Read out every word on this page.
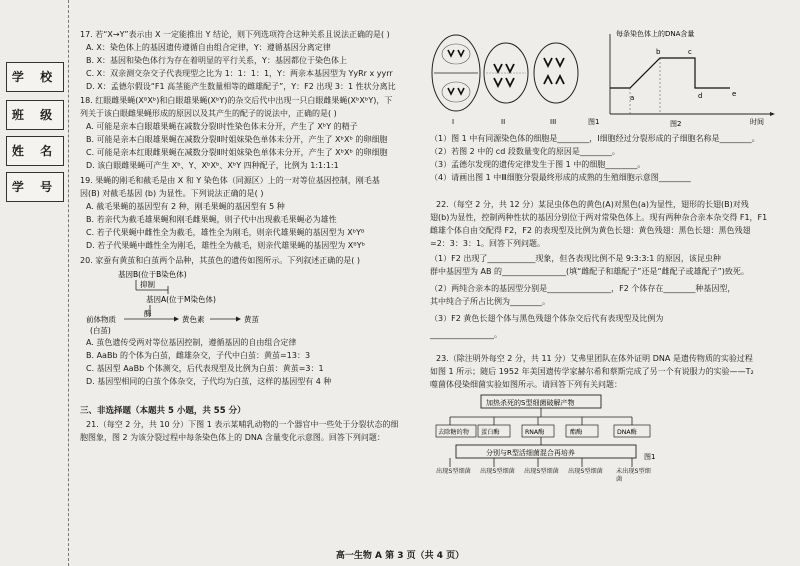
学 校
班 级
姓 名
学 号
17. 若“X→Y”表示由 X 一定能推出 Y 结论，则下列选项符合这种关系且说法正确的是( )
A. X：染色体上的基因遗传遵循自由组合定律，Y：遵循基因分离定律
B. X：基因和染色体行为存在着明显的平行关系，Y：基因都位于染色体上
C. X：双亲测交杂交子代表现型之比为 1：1：1：1，Y：两亲本基因型为 YyRr x yyrr
D. X：孟德尔假设“F1 高茎能产生数量相等的雌雄配子”，Y：F2 出现 3：1 性状分离比
18. 红眼雌果蝇(XᴮXᵇ)和白眼雄果蝇(XᵇY)的杂交后代中出现一只白眼雌果蝇(XᵇXᵇY)，下
列关于该白眼雌果蝇形成的原因以及其产生的配子的说法中，正确的是( )
A. 可能是亲本白眼雄果蝇在减数分裂Ⅰ时性染色体未分开，产生了 XᵇY 的精子
B. 可能是亲本白眼雄果蝇在减数分裂Ⅱ时姐妹染色单体未分开，产生了 XᵇXᵇ 的卵细胞
C. 可能是亲本红眼雌果蝇在减数分裂Ⅱ时姐妹染色单体未分开，产生了 XᵇXᵇ 的卵细胞
D. 该白眼雌果蝇可产生 Xᵇ、Y、XᵇXᵇ、XᵇY 四种配子，比例为 1:1:1:1
19. 果蝇的刚毛和截毛是由 X 和 Y 染色体（同源区）上的一对等位基因控制，刚毛基
因(B) 对截毛基因 (b) 为显性。下列说法正确的是( )
A. 截毛果蝇的基因型有 2 种，刚毛果蝇的基因型有 5 种
B. 若亲代为截毛雄果蝇和刚毛雌果蝇，则子代中出现截毛果蝇必为雄性
C. 若子代果蝇中雌性全为截毛，雄性全为刚毛，则亲代雄果蝇的基因型为 XᵇYᴮ
D. 若子代果蝇中雌性全为刚毛，雄性全为截毛，则亲代雄果蝇的基因型为 XᴮYᵇ
20. 家蚕有黄茧和白茧两个品种，其茧色的遗传如图所示。下列叙述正确的是( )
基因B(位于B染色体)
抑制
基因A(位于M染色体)
前体物质
(白茧)
酶
黄色素	黄茧
A. 茧色遗传受两对等位基因控制，遵循基因的自由组合定律
B. AaBb 的个体为白茧，雌雄杂交，子代中白茧：黄茧=13：3
C. 基因型 AaBb 个体测交，后代表现型及比例为白茧：黄茧=3：1
D. 基因型相同的白茧个体杂交，子代均为白茧，这样的基因型有 4 种
三、非选择题（本题共 5 小题，共 55 分）
21.（每空 2 分，共 10 分）下图 1 表示某哺乳动物的一个器官中一些处于分裂状态的细
胞图象，图 2 为该分裂过程中每条染色体上的 DNA 含量变化示意图。回答下列问题：
I	II	III	图1
每条染色体上的DNA含量
a
b	c
d	e
时间
图2
（1）图 1 中有同源染色体的细胞是________，Ⅰ细胞经过分裂形成的子细胞名称是________。
（2）若图 2 中的 cd 段数量变化的原因是________。
（3）孟德尔发现的遗传定律发生于图 1 中的细胞________。
（4）请画出图 1 中Ⅲ细胞分裂最终形成的成熟的生殖细胞示意图________
22.（每空 2 分，共 12 分）某昆虫体色的黄色(A)对黑色(a)为显性，翅形的长翅(B)对残
翅(b)为显性，控制两种性状的基因分别位于两对常染色体上。现有两种杂合亲本杂交得 F1，F1
雌雄个体自由交配得 F2，F2 的表现型及比例为黄色长翅：黄色残翅：黑色长翅：黑色残翅
=2：3：3：1。回答下列问题。
（1）F2 出现了____________现象，但各表现比例不是 9:3:3:1 的原因，该昆虫种
群中基因型为 AB 的________________(填“雌配子和雄配子”还是“雌配子或雄配子”)致死。
（2）两纯合亲本的基因型分别是________________，F2 个体存在________种基因型，
其中纯合子所占比例为________。
（3）F2 黄色长翅个体与黑色残翅个体杂交后代有表现型及比例为
________________。
23.（除注明外每空 2 分，共 11 分）艾弗里团队在体外证明 DNA 是遗传物质的实验过程
如图 1 所示；随后 1952 年美国遗传学家赫尔希和蔡斯完成了另一个有说服力的实验——T₂
噬菌体侵染细菌实验如图所示。请回答下列有关问题：
加热杀死的S型细菌破解产物
去除糖的物 蛋白酶	RNA酶	酯酶	DNA酶
分别与R型活细菌混合再培养	图1
出现S型细菌 出现S型细菌 出现S型细菌 出现S型细菌 未出现S型细菌
高一生物 A 第 3 页（共 4 页）
